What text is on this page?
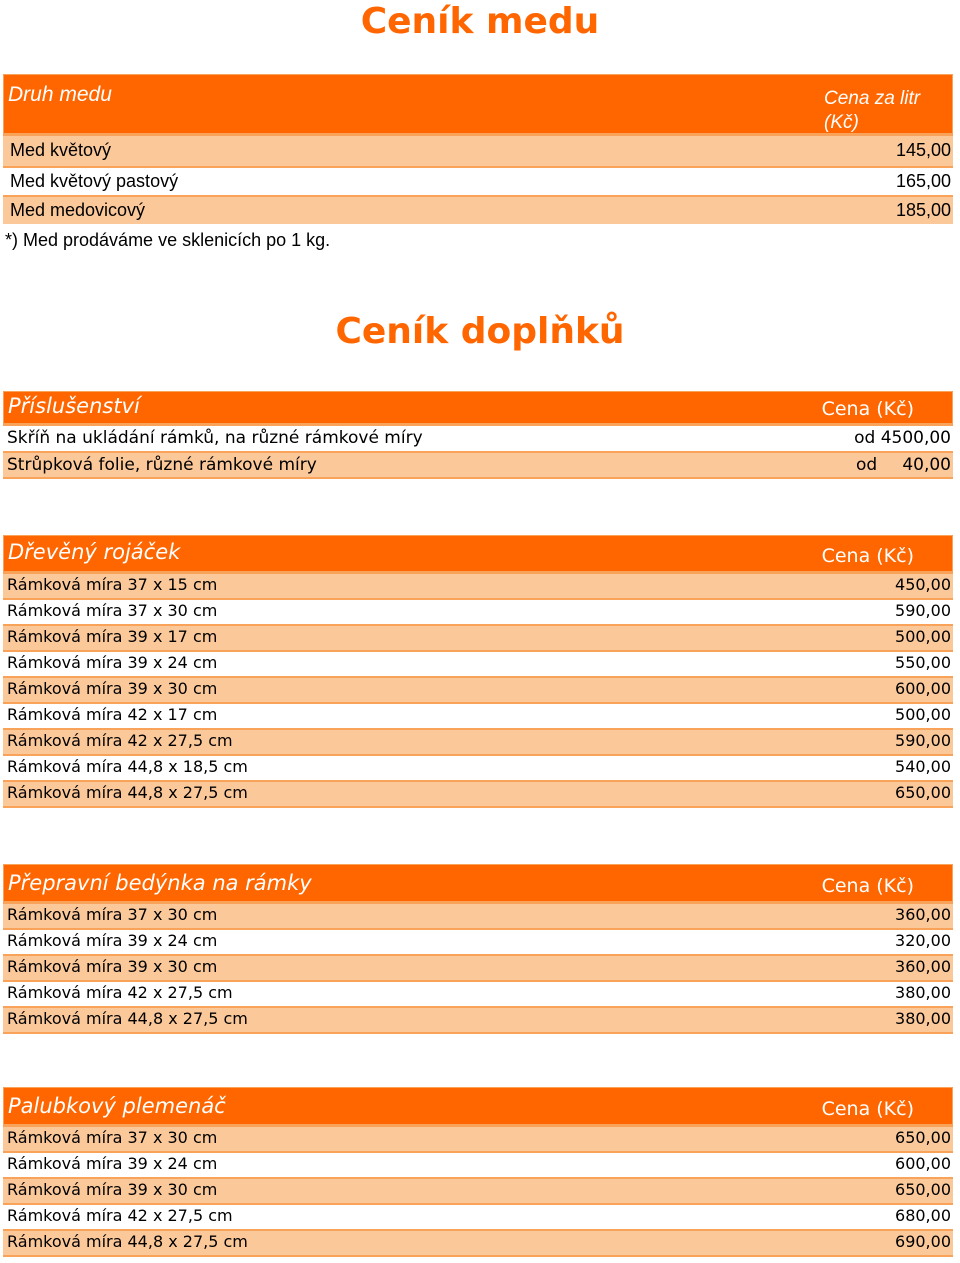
Ceník medu
Druh medu	Cena za litr
(Kč)
Med květový	145,00
Med květový pastový	165,00
Med medovicový	185,00
*) Med prodáváme ve sklenicích po 1 kg.
Ceník doplňků
Příslušenství	Cena (Kč)
Skříň na ukládání rámků, na různé rámkové míry	od 4500,00
Strůpková folie, různé rámkové míry	od 40,00
Dřevěný rojáček	Cena (Kč)
Rámková míra 37 x 15 cm	450,00
Rámková míra 37 x 30 cm	590,00
Rámková míra 39 x 17 cm	500,00
Rámková míra 39 x 24 cm	550,00
Rámková míra 39 x 30 cm	600,00
Rámková míra 42 x 17 cm	500,00
Rámková míra 42 x 27,5 cm	590,00
Rámková míra 44,8 x 18,5 cm	540,00
Rámková míra 44,8 x 27,5 cm	650,00
Přepravní bedýnka na rámky	Cena (Kč)
Rámková míra 37 x 30 cm	360,00
Rámková míra 39 x 24 cm	320,00
Rámková míra 39 x 30 cm	360,00
Rámková míra 42 x 27,5 cm	380,00
Rámková míra 44,8 x 27,5 cm	380,00
Palubkový plemenáč	Cena (Kč)
Rámková míra 37 x 30 cm	650,00
Rámková míra 39 x 24 cm	600,00
Rámková míra 39 x 30 cm	650,00
Rámková míra 42 x 27,5 cm	680,00
Rámková míra 44,8 x 27,5 cm	690,00
